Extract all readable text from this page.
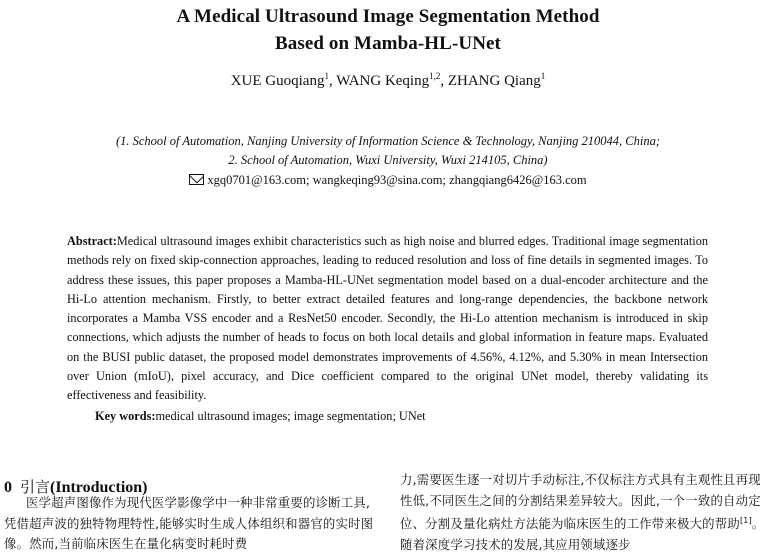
A Medical Ultrasound Image Segmentation Method
Based on Mamba-HL-UNet
XUE Guoqiang$^1$, WANG Keqing$^{1,2}$, ZHANG Qiang$^1$
(1. School of Automation, Nanjing University of Information Science & Technology, Nanjing 210044, China;
2. School of Automation, Wuxi University, Wuxi 214105, China)
xgq0701@163.com; wangkeqing93@sina.com; zhangqiang6426@163.com
Abstract:Medical ultrasound images exhibit characteristics such as high noise and blurred edges. Traditional image segmentation methods rely on fixed skip-connection approaches, leading to reduced resolution and loss of fine details in segmented images. To address these issues, this paper proposes a Mamba-HL-UNet segmentation model based on a dual-encoder architecture and the Hi-Lo attention mechanism. Firstly, to better extract detailed features and long-range dependencies, the backbone network incorporates a Mamba VSS encoder and a ResNet50 encoder. Secondly, the Hi-Lo attention mechanism is introduced in skip connections, which adjusts the number of heads to focus on both local details and global information in feature maps. Evaluated on the BUSI public dataset, the proposed model demonstrates improvements of 4.56%, 4.12%, and 5.30% in mean Intersection over Union (mIoU), pixel accuracy, and Dice coefficient compared to the original UNet model, thereby validating its effectiveness and feasibility.
Key words:medical ultrasound images; image segmentation; UNet
0 引言(Introduction)
医学超声图像作为现代医学影像学中一种非常重要的诊断工具,凭借超声波的独特物理特性,能够实时生成人体组织和器官的实时图像。然而,当前临床医生在量化病变时耗时费
力,需要医生逐一对切片手动标注,不仅标注方式具有主观性且再现性低,不同医生之间的分割结果差异较大。因此,一个一致的自动定位、分割及量化病灶方法能为临床医生的工作带来极大的帮助[1]。随着深度学习技术的发展,其应用领域逐步
